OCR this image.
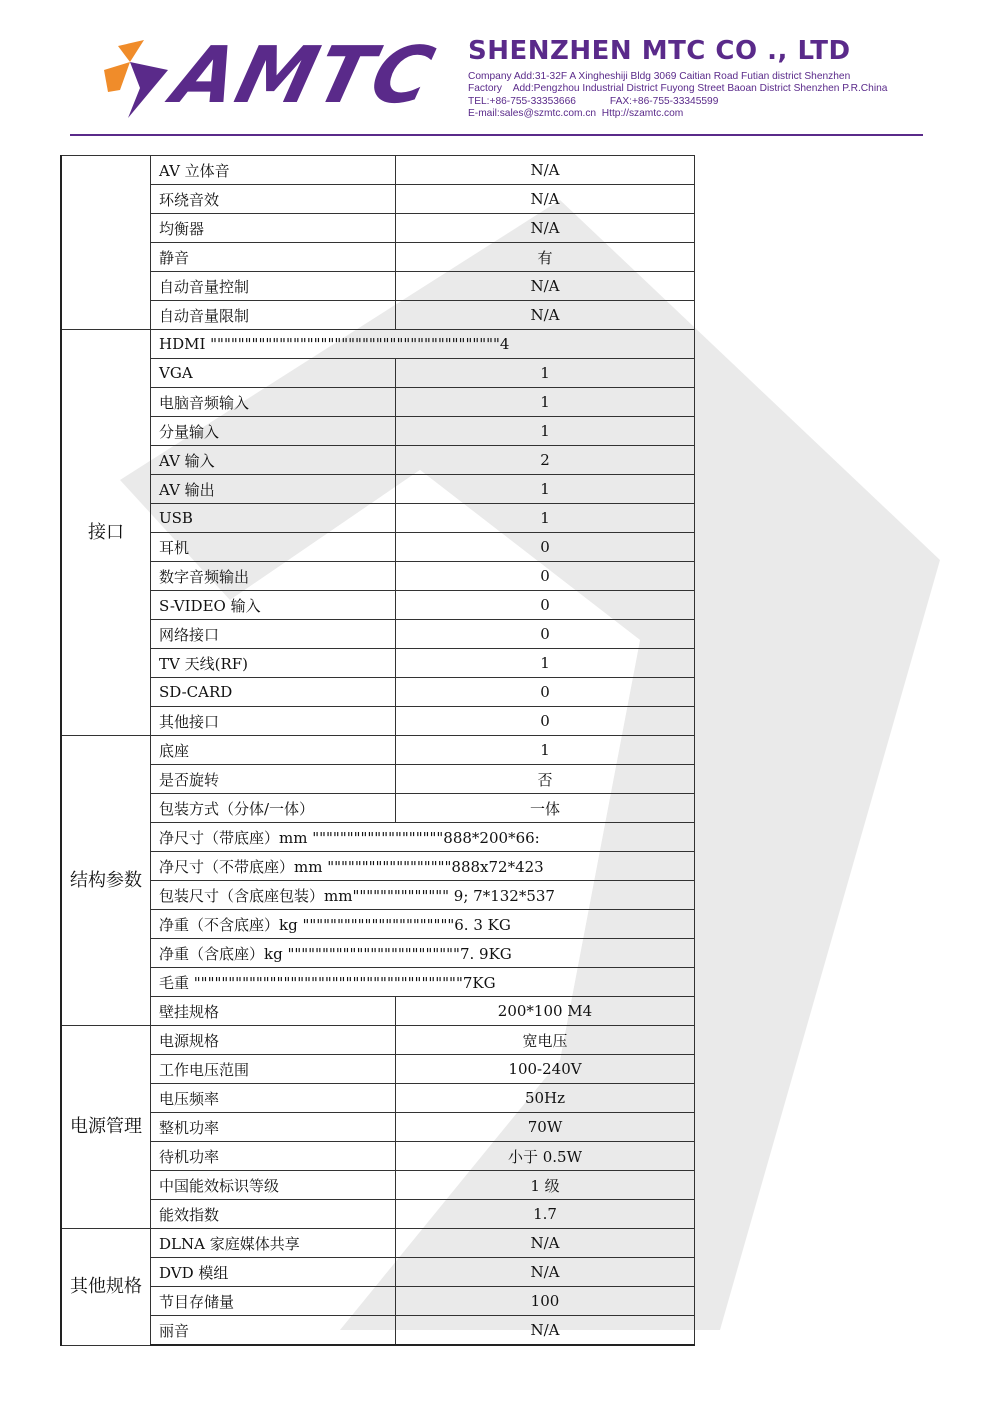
AMTC SHENZHEN MTC CO ., LTD
Company Add:31-32F A Xingheshiji Bldg 3069 Caitian Road Futian district Shenzhen
Factory    Add:Pengzhou Industrial District Fuyong Street Baoan District Shenzhen P.R.China
TEL:+86-755-33353666	FAX:+86-755-33345599
E-mail:sales@szmtc.com.cn Http://szamtc.com
	AV 立体音	N/A
	环绕音效	N/A
	均衡器	N/A
	静音	有
	自动音量控制	N/A
	自动音量限制	N/A
接口	HDMI """"""""""""""""""""""""""""""""""""""""""4	
	VGA	1
	电脑音频输入	1
	分量输入	1
	AV 输入	2
	AV 输出	1
	USB	1
	耳机	0
	数字音频输出	0
	S-VIDEO 输入	0
	网络接口	0
	TV 天线(RF)	1
	SD-CARD	0
	其他接口	0
结构参数	底座	1
	是否旋转	否
	包装方式（分体/一体）	一体
	净尺寸（带底座）mm """""""""""""""""""888*200*66:	
	净尺寸（不带底座）mm """"""""""""""""""888x72*423	
	包装尺寸（含底座包装）mm"""""""""""""" 9; 7*132*537	
	净重（不含底座）kg """"""""""""""""""""""6. 3 KG	
	净重（含底座）kg """""""""""""""""""""""""7. 9KG	
	毛重 """""""""""""""""""""""""""""""""""""""7KG	
	壁挂规格	200*100 M4
电源管理	电源规格	宽电压
	工作电压范围	100-240V
	电压频率	50Hz
	整机功率	70W
	待机功率	小于 0.5W
	中国能效标识等级	1 级
	能效指数	1.7
其他规格	DLNA 家庭媒体共享	N/A
	DVD 模组	N/A
	节目存储量	100
	丽音	N/A
